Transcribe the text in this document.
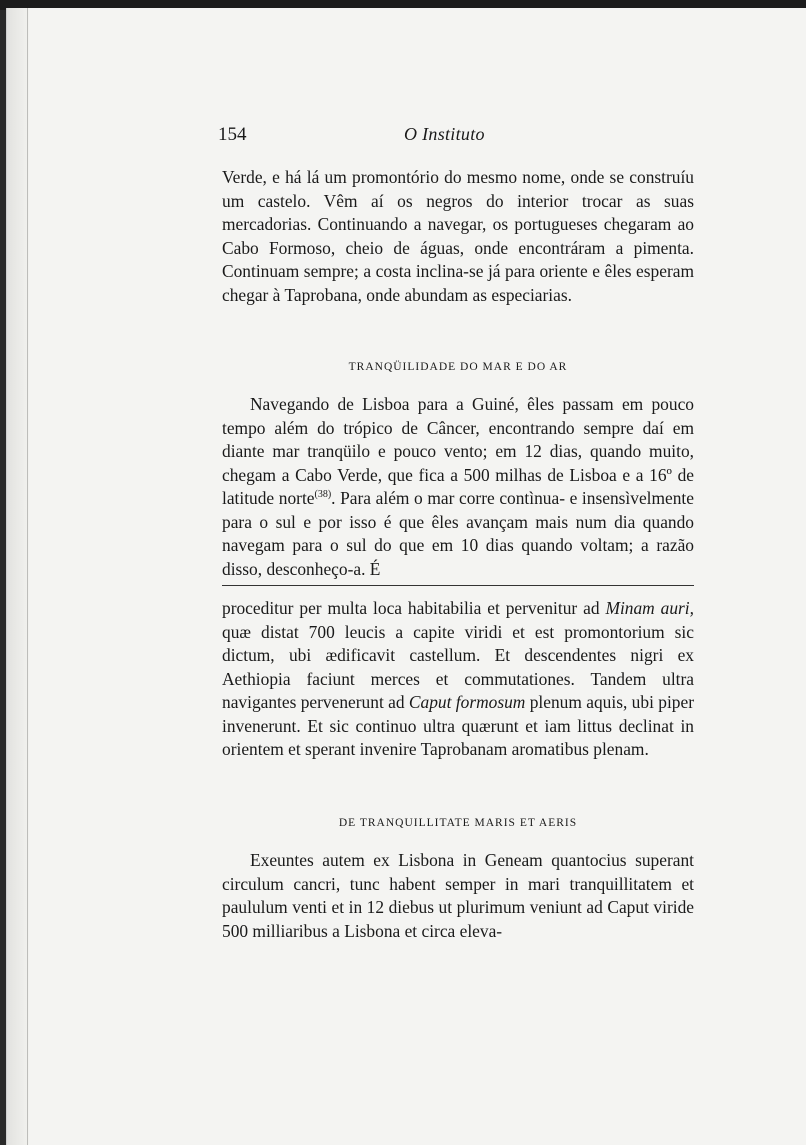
154	O Instituto

Verde, e há lá um promontório do mesmo nome, onde se construíu um castelo. Vêm aí os negros do interior trocar as suas mercadorias. Continuando a navegar, os portugueses chegaram ao Cabo Formoso, cheio de águas, onde encontráram a pimenta. Continuam sempre; a costa inclina-se já para oriente e êles esperam chegar à Taprobana, onde abundam as especiarias.

TRANQÜILIDADE DO MAR E DO AR

Navegando de Lisboa para a Guiné, êles passam em pouco tempo além do trópico de Câncer, encontrando sempre daí em diante mar tranqüilo e pouco vento; em 12 dias, quando muito, chegam a Cabo Verde, que fica a 500 milhas de Lisboa e a 16º de latitude norte$^{(38)}$. Para além o mar corre contìnua- e insensìvelmente para o sul e por isso é que êles avançam mais num dia quando navegam para o sul do que em 10 dias quando voltam; a razão disso, desconheço-a. É

proceditur per multa loca habitabilia et pervenitur ad Minam auri, quæ distat 700 leucis a capite viridi et est promontorium sic dictum, ubi ædificavit castellum. Et descendentes nigri ex Aethiopia faciunt merces et commutationes. Tandem ultra navigantes pervenerunt ad Caput formosum plenum aquis, ubi piper invenerunt. Et sic continuo ultra quærunt et iam littus declinat in orientem et sperant invenire Taprobanam aromatibus plenam.

DE TRANQUILLITATE MARIS ET AERIS

Exeuntes autem ex Lisbona in Geneam quantocius superant circulum cancri, tunc habent semper in mari tranquillitatem et paululum venti et in 12 diebus ut plurimum veniunt ad Caput viride 500 milliaribus a Lisbona et circa eleva-
